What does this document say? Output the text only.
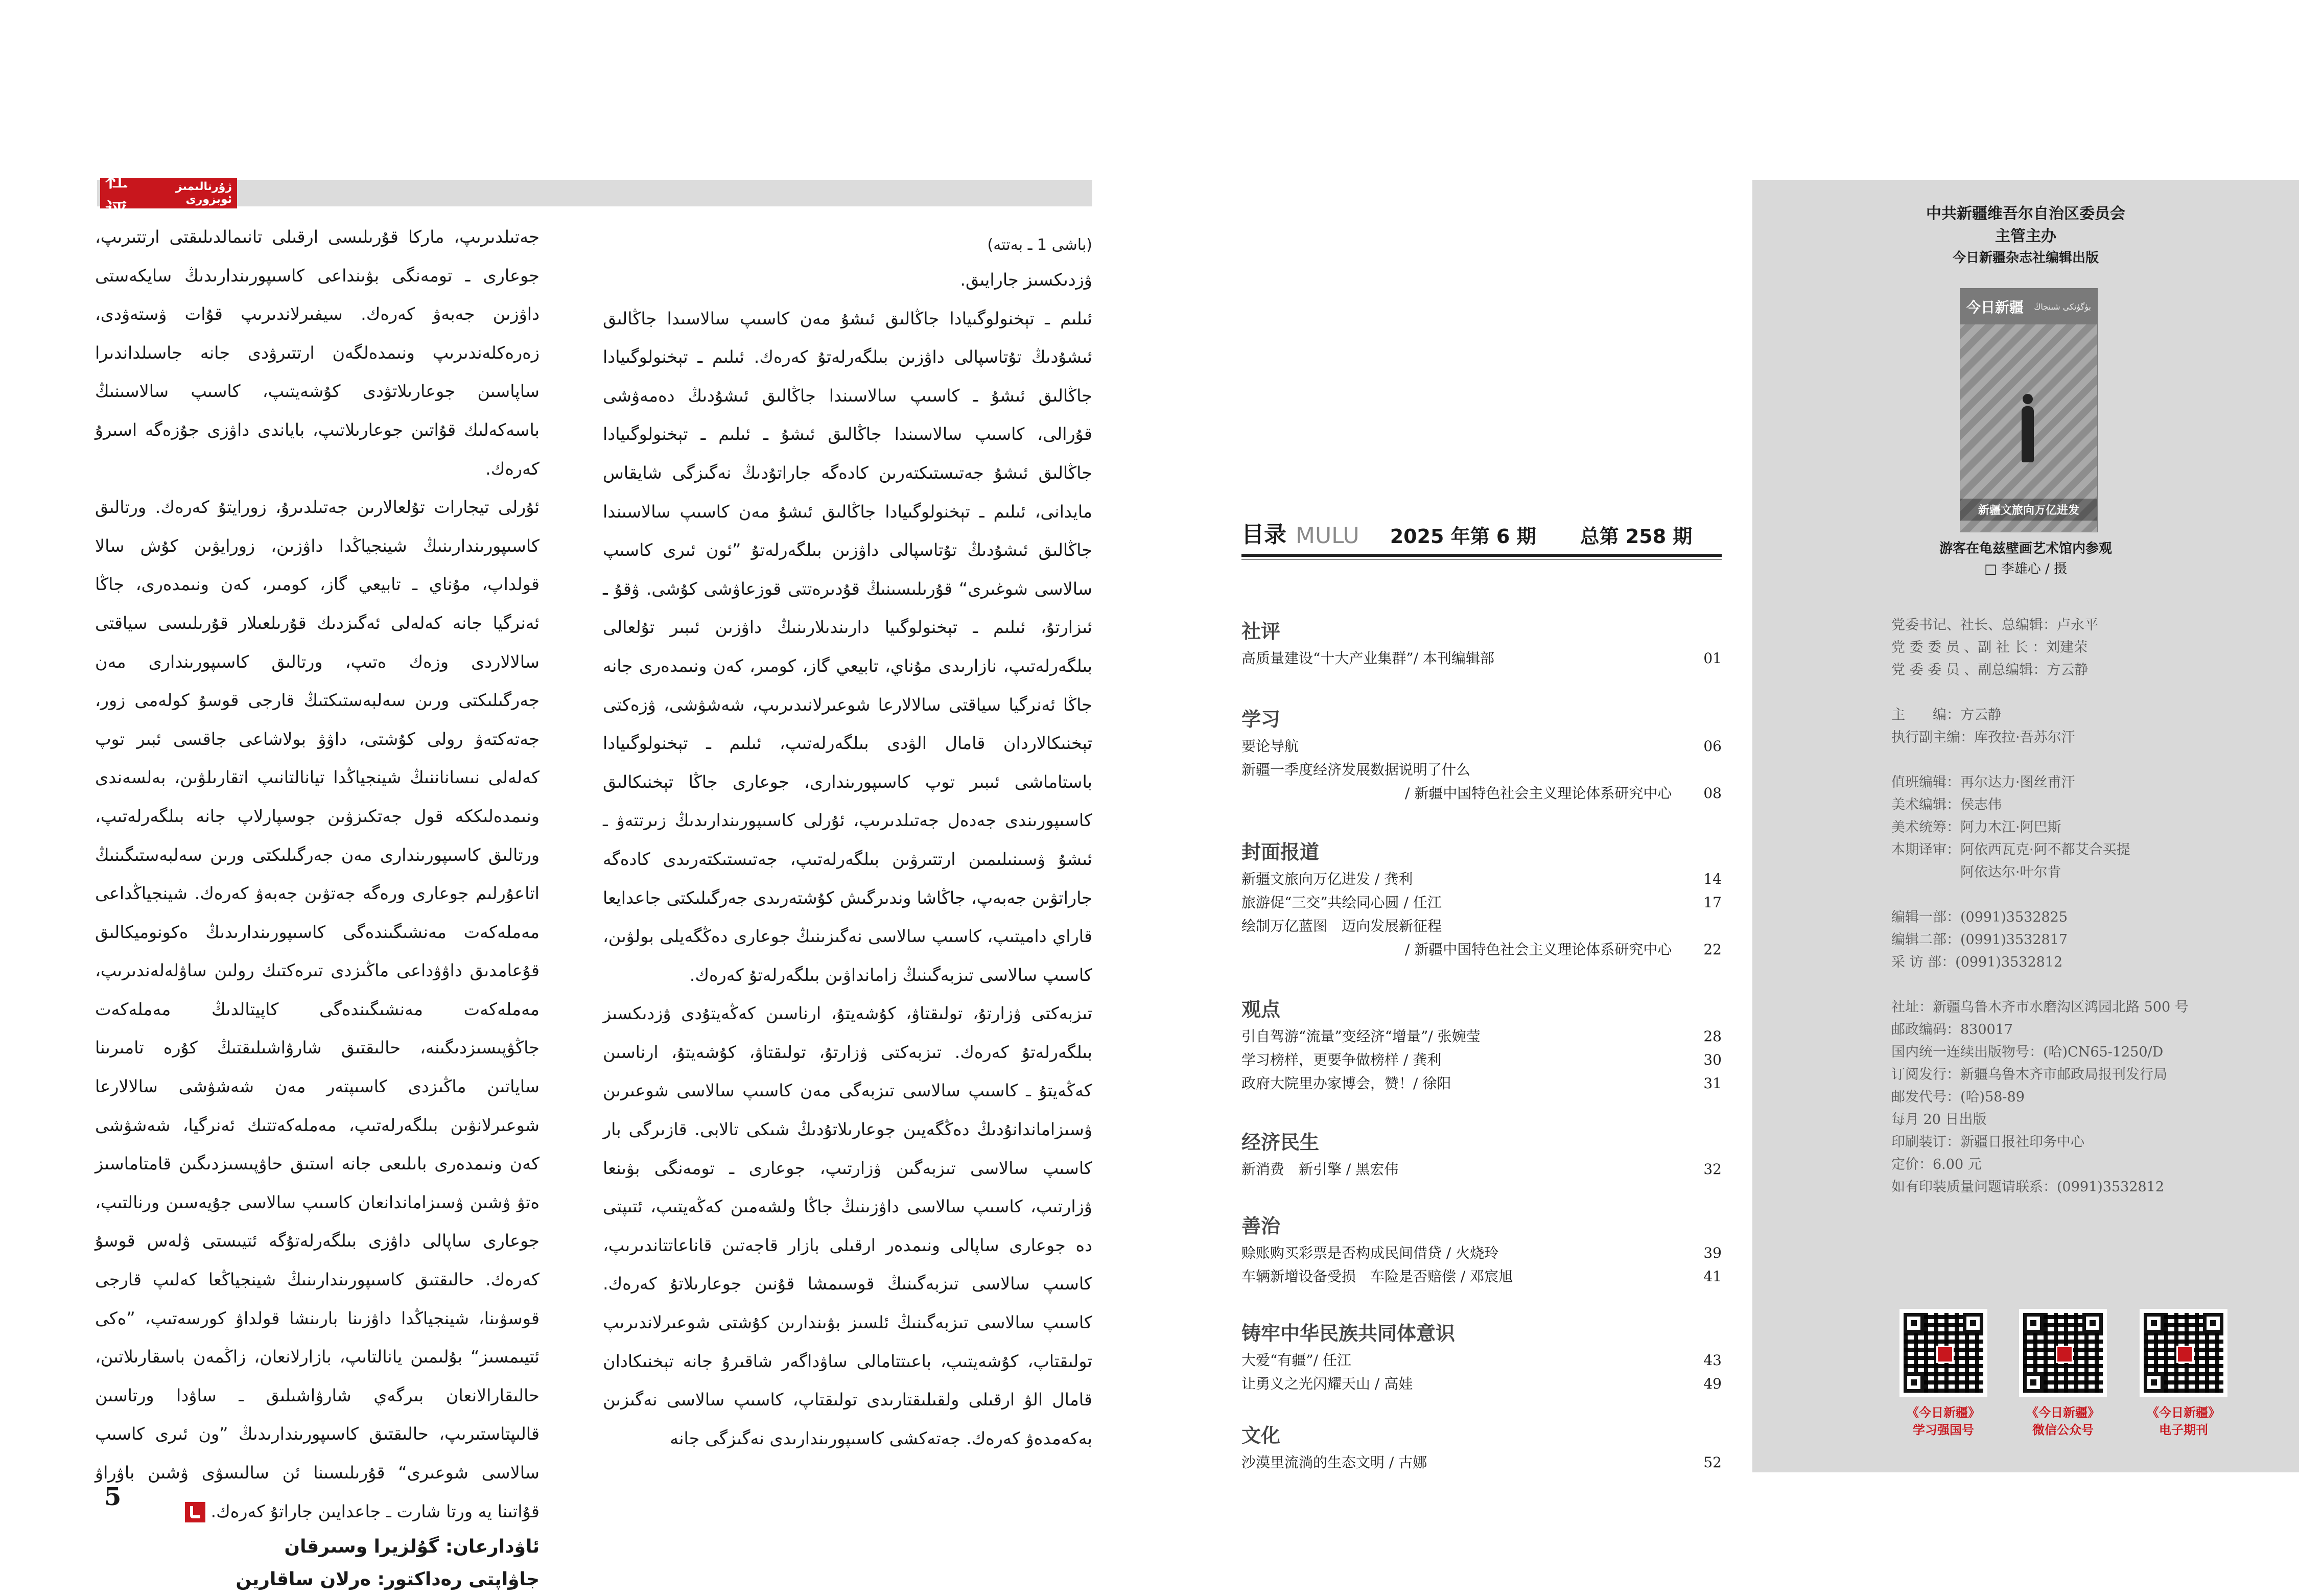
社评
ژۇرنالىمىز ئوبزورى
(باشى 1 ـ بەتتە)

ۋزدىكسىز جارايىق.

ئىلىم ـ تېخنولوگىيادا جاڭالىق ئىشۇ مەن كاسىپ سالاسىدا جاڭالىق ئىشۇدىڭ تۇتاسپالى داۋزىن بىلگەرلەتۇ كەرەك. ئىلىم ـ تېخنولوگىيادا جاڭالىق ئىشۇ ـ كاسىپ سالاسىندا جاڭالىق ئىشۇدىڭ دەمەۋشى قۇرالى، كاسىپ سالاسىندا جاڭالىق ئىشۇ ـ ئىلىم ـ تېخنولوگىيادا جاڭالىق ئىشۇ جەتىستىكتەرىن كادەگە جاراتۇدىڭ نەگىزگى شايقاس مايدانى، ئىلىم ـ تېخنولوگىيادا جاڭالىق ئىشۇ مەن كاسىپ سالاسىندا جاڭالىق ئىشۇدىڭ تۇتاسپالى داۋزىن بىلگەرلەتۇ ”ئون ئىرى كاسىپ سالاسى شوغىرى“ قۇرىلىسىنىڭ قۇدىرەتتى قوزعاۋشى كۇشى. ۋقۇ ـ ئىزارتۇ، ئىلىم ـ تېخنولوگىيا دارىندىلارىنىڭ داۋزىن ئىبىر تۇلعالى بىلگەرلەتىپ، نازارىدى مۇناي، تابيعي گاز، كومىر، كەن ونىمدەرى جانە جاڭا ئەنرگيا سياقتى سالالارعا شوعىرلانىدىرىپ، شەشۋشى، ۋزەكتى تېخنىكالاردان قامال الۋدى بىلگەرلەتىپ، ئىلىم ـ تېخنولوگىيادا باستاماشى ئىبىر توپ كاسىپورىندارى، جوعارى جاڭا تېخنىكالىق كاسىپورىندى جەدەل جەتىلدىرىپ، ئۇرلى كاسىپورىندارىدىڭ زىرتتەۋ ـ ئىشۇ ۋسىنىلىمىن ارتتىرۋىن بىلگەرلەتىپ، جەتىستىكتەرىدى كادەگە جاراتۋىن جەبەپ، جاڭاشا وندىرگىش كۇشتەرىدى جەرگىلىكتى جاعدايعا قاراي داميتىپ، كاسىپ سالاسى نەگىزىنىڭ جوعارى دەڭگەيلى بولۋىن، كاسىپ سالاسى تىزبەگىنىڭ زامانداۋىن بىلگەرلەتۇ كەرەك.

تىزبەكتى ۋزارتۇ، تولىقتاۋ، كۇشەيتۇ، ارناسىن كەڭەيتۇدى ۋزدىكسىز بىلگەرلەتۇ كەرەك. تىزبەكتى ۋزارتۇ، تولىقتاۋ، كۇشەيتۇ، ارناسىن كەڭەيتۇ ـ كاسىپ سالاسى تىزبەگى مەن كاسىپ سالاسى شوعىرىن ۋسىزاماندانۇدىڭ دەڭگەيىن جوعارىلاتۇدىڭ شىكى تالابى. قازىرگى بار كاسىپ سالاسى تىزبەگىن ۋزارتىپ، جوعارى ـ تومەنگى بۋىنعا ۋزارتىپ، كاسىپ سالاسى داۋزىنىڭ جاڭا ولشەمىن كەڭەيتىپ، ئتىپتى دە جوعارى ساپالى ونىمدەر ارقىلى بازار قاجەتىن قاناعاتتاندىرىپ، كاسىپ سالاسى تىزبەگىنىڭ قوسىمشا قۇنىن جوعارىلاتۇ كەرەك. كاسىپ سالاسى تىزبەگىنىڭ ئلسىز بۋىندارىن كۇشتى شوعىرلاندىرىپ تولىقتاپ، كۇشەيتىپ، باعىتتامالى ساۋداگەر شاقىرۇ جانە تېخنىكادان قامال الۋ ارقىلى ولقىلىقتارىدى تولىقتاپ، كاسىپ سالاسى نەگىزىن بەكەمدەۋ كەرەك. جەتەكشى كاسىپورىندارىدى نەگىزگى جانە

جەتىلدىرىپ، ماركا قۇرىلىسى ارقىلى تانىمالدىلىقتى ارتتىرىپ، جوعارى ـ تومەنگى بۋىنداعى كاسىپورىندارىدىڭ سايكەستى داۋزىن جەبەۋ كەرەك. سيفىرلاندىرىپ قۇات ۋستەۋدى، زەرەكلەندىرىپ ونىمدەلگەن ارتتىرۋدى جانە جاسىلداندىرا ساپاسىن جوعارىلاتۋدى كۇشەيتىپ، كاسىپ سالاسىنىڭ باسەكەلىك قۇاتىن جوعارىلاتىپ، باياندى داۋزى جۇزەگە اسىرۇ كەرەك.

ئۇرلى تيجارات تۇلعالارىن جەتىلدىرۇ، زورايتۇ كەرەك. ورتالىق كاسىپورىندارىنىڭ شينجياڭدا داۋزىن، زورايۋىن كۇش سالا قولداپ، مۇناي ـ تابيعي گاز، كومىر، كەن ونىمدەرى، جاڭا ئەنرگيا جانە كەلەلى ئەگىزدىك قۇرىلعىلار قۇرىلىسى سياقتى سالالاردى وزەك ەتىپ، ورتالىق كاسىپورىندارى مەن جەرگىلىكتى ورىن سەلبەستىكتىڭ قارجى قوسۇ كولەمى زور، جەتەكتەۋ رولى كۇشتى، داۋۋ بولاشاعى جاقسى ئبىر توپ كەلەلى نىساناننىڭ شينجياڭدا تيانالتانىپ اتقارىلۋىن، بەلسەندى ونىمدەلىككە قول جەتكىزۋىن جوسپارلاپ جانە بىلگەرلەتىپ، ورتالىق كاسىپورىندارى مەن جەرگىلىكتى ورىن سەلبەستىگىنىڭ اتاعۇرلىم جوعارى ورەگە جەتۋىن جەبەۋ كەرەك. شينجياڭداعى مەملەكەت مەنشىگىندەگى كاسىپورىندارىدىڭ ەكونوميكالىق قۇعامدىق داۋۋداعى ماڭىزدى تىرەكتىك رولىن ساۋلەلەندىرىپ، مەملەكەت مەنشىگىندەگى كاپيتالدىڭ مەملەكەت جاڭۋپىسىزدىگىنە، حالىقتىق شارۋاشىلىقتىڭ كۇرە تامىرىنا ساياتىن ماڭىزدى كاسىپتەر مەن شەشۋشى سالالارعا شوعىرلانۋىن بىلگەرلەتىپ، مەملەكەتتىك ئەنرگيا، شەشۋشى كەن ونىمدەرى باىلىعى جانە استىق حاۋپىسىزدىگىن قامتاماسىز ەتۋ ۋشىن ۋسىزاماندانعان كاسىپ سالاسى جۇيەسىن ورنالتىپ، جوعارى ساپالى داۋزى بىلگەرلەتۇگە ئتيىستى ۋلەس قوسۇ كەرەك. حالىقتىق كاسىپورىندارىنىڭ شينجياڭعا كەلىپ قارجى قوسۋىنا، شينجياڭدا داۋزىنا بارىنشا قولداۋ كورسەتىپ، ”ەكى ئتيىمسىز“ بۇلىمىن يانالتاىپ، بازارلانعان، زاڭمەن باسقارىلاتىن، حالىقارالانعان بىرگەي شارۋاشىلىق ـ ساۋدا ورتاسىن قالىپتاستىرىپ، حالىقتىق كاسىپورىندارىدىڭ ”ون ئىرى كاسىپ سالاسى شوعىرى“ قۇرىلىسىنا ئن سالىسۋى ۋشىن باۋراۋ قۇاتىنا يە ورتا شارت ـ جاعدايىن جاراتۇ كەرەك.

ئاۋدارعان: گۇلزيرا وسىرقان
جاۋاپتى رەداكتور: ەرلان ساقارين
5
目录 MULU 2025 年第 6 期 总第 258 期
社评
高质量建设“十大产业集群”/ 本刊编辑部	01
学习
要论导航	06
新疆一季度经济发展数据说明了什么
/ 新疆中国特色社会主义理论体系研究中心 08
封面报道
新疆文旅向万亿进发 / 龚利	14
旅游促“三交”共绘同心圆 / 任江	17
绘制万亿蓝图　迈向发展新征程
/ 新疆中国特色社会主义理论体系研究中心 22
观点
引自驾游“流量”变经济“增量”/ 张婉莹	28
学习榜样，更要争做榜样 / 龚利	30
政府大院里办家博会，赞！/ 徐阳	31
经济民生
新消费　新引擎 / 黑宏伟	32
善治
赊账购买彩票是否构成民间借贷 / 火烧玲	39
车辆新增设备受损　车险是否赔偿 / 邓宸旭	41
铸牢中华民族共同体意识
大爱“有疆”/ 任江	43
让勇义之光闪耀天山 / 高娃	49
文化
沙漠里流淌的生态文明 / 古娜	52
中共新疆维吾尔自治区委员会
主管主办
今日新疆杂志社编辑出版
今日新疆 بۈگۈنكى شىنجاڭ
新疆文旅向万亿进发
游客在龟兹壁画艺术馆内参观
□ 李雄心 / 摄
党委书记、社长、总编辑：卢永平
党 委 委 员 、副 社 长 ：刘建荣
党 委 委 员 、副总编辑：方云静
主　　编：方云静
执行副主编：库孜拉·吾苏尔汗
值班编辑：再尔达力·图丝甫汗
美术编辑：侯志伟
美术统筹：阿力木江·阿巴斯
本期译审：阿依西瓦克·阿不都艾合买提
　　　　　阿依达尔·叶尔肯
编辑一部：(0991)3532825
编辑二部：(0991)3532817
采 访 部：(0991)3532812
社址：新疆乌鲁木齐市水磨沟区鸿园北路 500 号
邮政编码：830017
国内统一连续出版物号：(哈)CN65-1250/D
订阅发行：新疆乌鲁木齐市邮政局报刊发行局
邮发代号：(哈)58-89
每月 20 日出版
印刷装订：新疆日报社印务中心
定价：6.00 元
如有印装质量问题请联系：(0991)3532812
《今日新疆》
学习强国号
《今日新疆》
微信公众号
《今日新疆》
电子期刊
